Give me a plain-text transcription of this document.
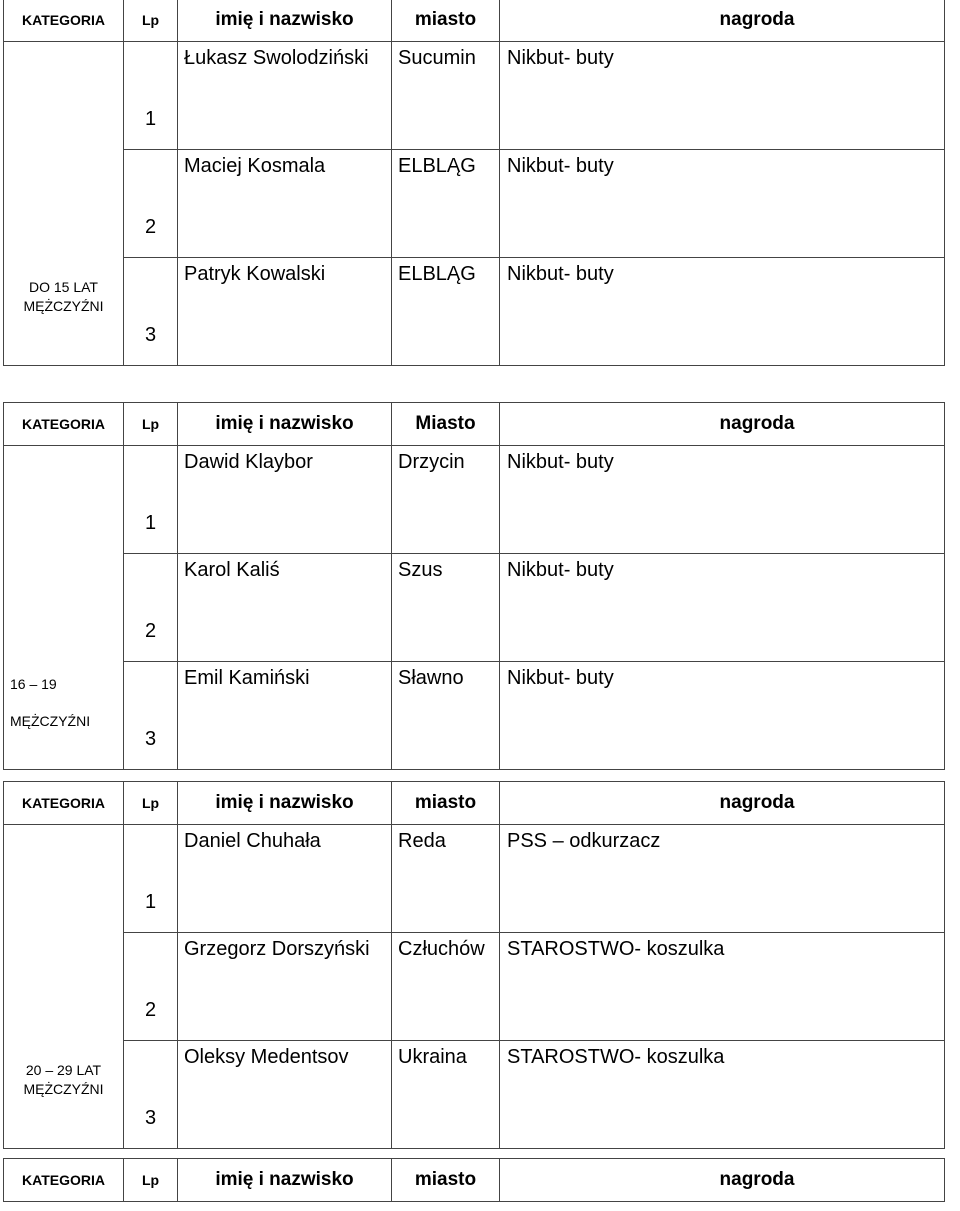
KATEGORIA	Lp	imię i nazwisko	miasto	nagroda

DO 15 LAT
MĘŻCZYŹNI	1	Łukasz Swolodziński	Sucumin	Nikbut- buty
	2	Maciej Kosmala	ELBLĄG	Nikbut- buty
	3	Patryk Kowalski	ELBLĄG	Nikbut- buty
KATEGORIA	Lp	imię i nazwisko	Miasto	nagroda

16 – 19
MĘŻCZYŹNI	1	Dawid Klaybor	Drzycin	Nikbut- buty
	2	Karol Kaliś	Szus	Nikbut- buty
	3	Emil Kamiński	Sławno	Nikbut- buty
KATEGORIA	Lp	imię i nazwisko	miasto	nagroda

20 – 29 LAT
MĘŻCZYŹNI	1	Daniel Chuhała	Reda	PSS – odkurzacz
	2	Grzegorz Dorszyński	Człuchów	STAROSTWO- koszulka
	3	Oleksy Medentsov	Ukraina	STAROSTWO- koszulka
KATEGORIA	Lp	imię i nazwisko	miasto	nagroda
